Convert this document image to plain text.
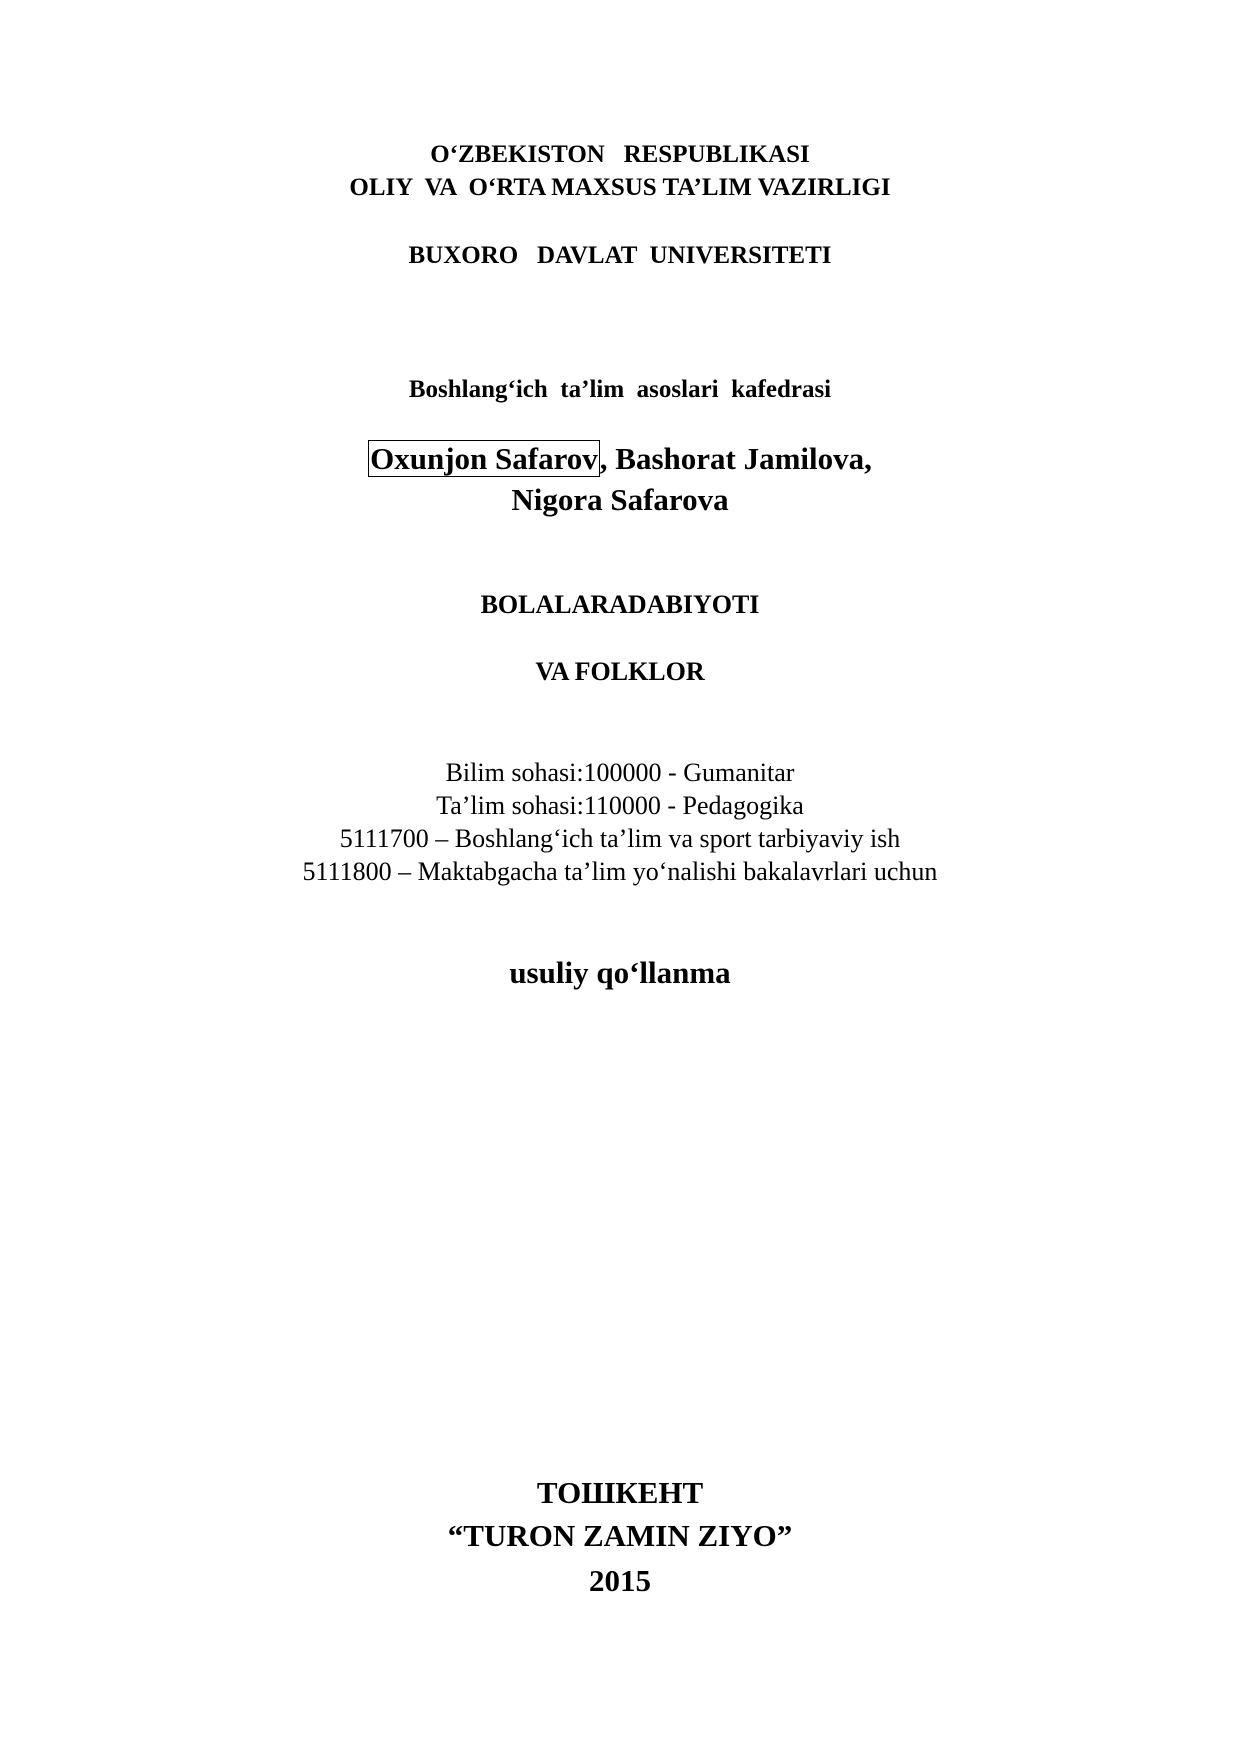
O‘ZBEKISTON   RESPUBLIKASI
OLIY  VA  O‘RTA MAXSUS TA’LIM VAZIRLIGI
BUXORO   DAVLAT  UNIVERSITETI
Boshlang‘ich  ta’lim  asoslari  kafedrasi
Oxunjon Safarov, Bashorat Jamilova,
Nigora Safarova
BOLALARADABIYOTI
VA FOLKLOR
Bilim sohasi:100000 - Gumanitar
Ta’lim sohasi:110000 - Pedagogika
5111700 – Boshlang‘ich ta’lim va sport tarbiyaviy ish
5111800 – Maktabgacha ta’lim yo‘nalishi bakalavrlari uchun
usuliy qo‘llanma
ТОШКЕНТ
“TURON ZAMIN ZIYO”
2015
